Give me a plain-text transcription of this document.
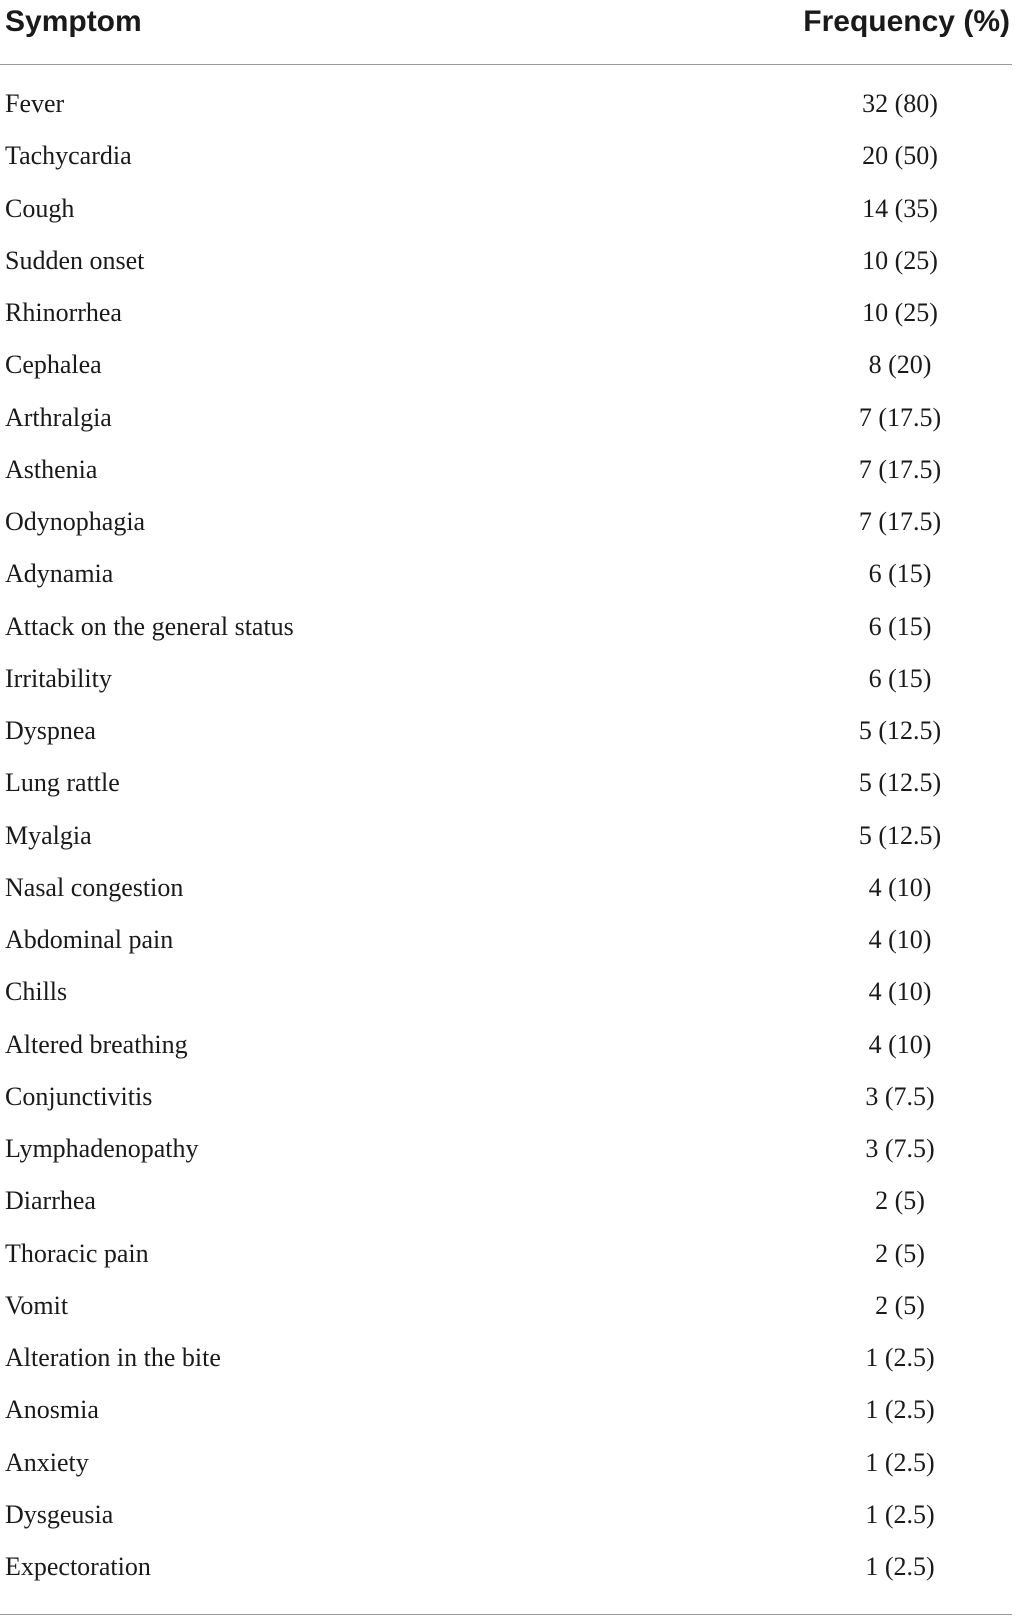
Symptom	Frequency (%)
Fever	32 (80)
Tachycardia	20 (50)
Cough	14 (35)
Sudden onset	10 (25)
Rhinorrhea	10 (25)
Cephalea	8 (20)
Arthralgia	7 (17.5)
Asthenia	7 (17.5)
Odynophagia	7 (17.5)
Adynamia	6 (15)
Attack on the general status	6 (15)
Irritability	6 (15)
Dyspnea	5 (12.5)
Lung rattle	5 (12.5)
Myalgia	5 (12.5)
Nasal congestion	4 (10)
Abdominal pain	4 (10)
Chills	4 (10)
Altered breathing	4 (10)
Conjunctivitis	3 (7.5)
Lymphadenopathy	3 (7.5)
Diarrhea	2 (5)
Thoracic pain	2 (5)
Vomit	2 (5)
Alteration in the bite	1 (2.5)
Anosmia	1 (2.5)
Anxiety	1 (2.5)
Dysgeusia	1 (2.5)
Expectoration	1 (2.5)
